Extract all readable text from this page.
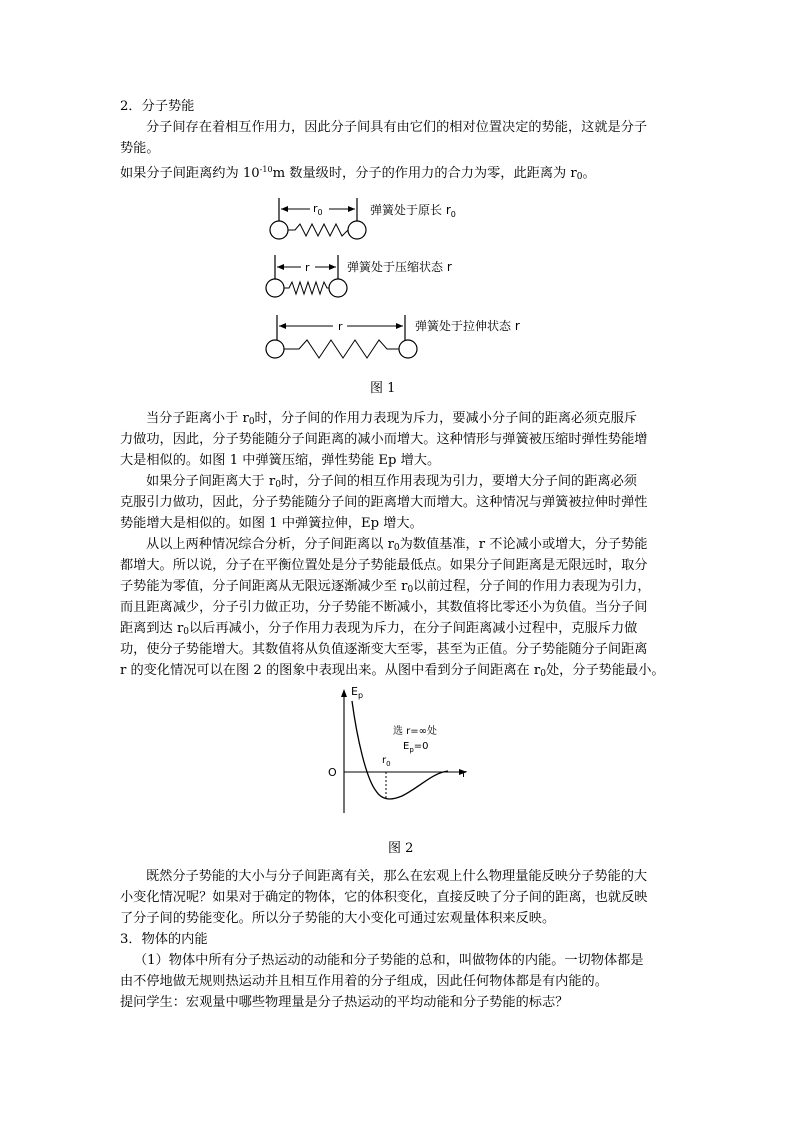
2．分子势能
分子间存在着相互作用力，因此分子间具有由它们的相对位置决定的势能，这就是分子
势能。
如果分子间距离约为 $10^{-10}m$ 数量级时，分子的作用力的合力为零，此距离为 $r_0$。
$r_0$	弹簧处于原长 $r_0$
r	弹簧处于压缩状态 r
r	弹簧处于拉伸状态 r
图 1
当分子距离小于 $r_0$时，分子间的作用力表现为斥力，要减小分子间的距离必须克服斥
力做功，因此，分子势能随分子间距离的减小而增大。这种情形与弹簧被压缩时弹性势能增
大是相似的。如图 1 中弹簧压缩，弹性势能 Ep 增大。
如果分子间距离大于 $r_0$时，分子间的相互作用表现为引力，要增大分子间的距离必须
克服引力做功，因此，分子势能随分子间的距离增大而增大。这种情况与弹簧被拉伸时弹性
势能增大是相似的。如图 1 中弹簧拉伸，Ep 增大。
从以上两种情况综合分析，分子间距离以 $r_0$为数值基准，r 不论减小或增大，分子势能
都增大。所以说，分子在平衡位置处是分子势能最低点。如果分子间距离是无限远时，取分
子势能为零值，分子间距离从无限远逐渐减少至 $r_0$以前过程，分子间的作用力表现为引力，
而且距离减少，分子引力做正功，分子势能不断减小，其数值将比零还小为负值。当分子间
距离到达 $r_0$以后再减小，分子作用力表现为斥力，在分子间距离减小过程中，克服斥力做
功，使分子势能增大。其数值将从负值逐渐变大至零，甚至为正值。分子势能随分子间距离
r 的变化情况可以在图 2 的图象中表现出来。从图中看到分子间距离在 $r_0$处，分子势能最小。
$E_p$
O	r
$r_0$
选 r=∞处
$E_p=0$
图 2
既然分子势能的大小与分子间距离有关，那么在宏观上什么物理量能反映分子势能的大
小变化情况呢？如果对于确定的物体，它的体积变化，直接反映了分子间的距离，也就反映
了分子间的势能变化。所以分子势能的大小变化可通过宏观量体积来反映。
3．物体的内能
（1）物体中所有分子热运动的动能和分子势能的总和，叫做物体的内能。一切物体都是
由不停地做无规则热运动并且相互作用着的分子组成，因此任何物体都是有内能的。
提问学生：宏观量中哪些物理量是分子热运动的平均动能和分子势能的标志？
